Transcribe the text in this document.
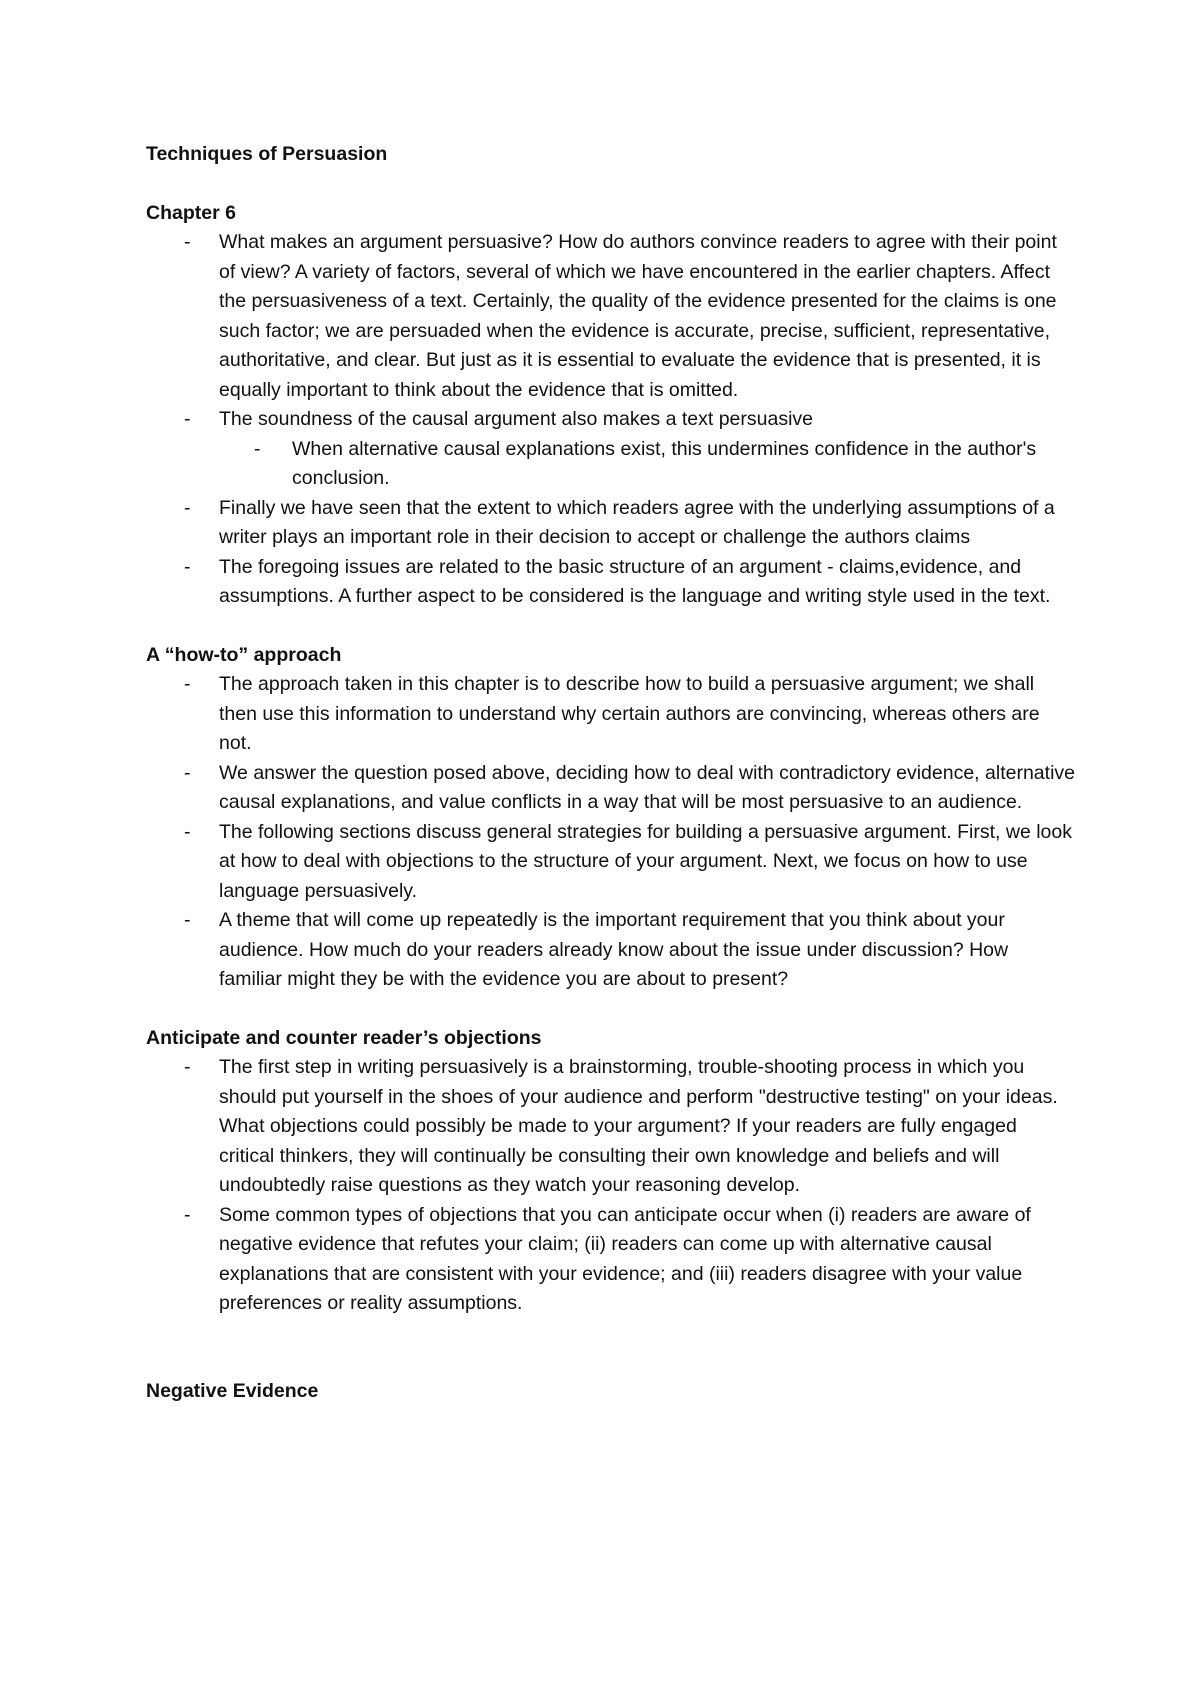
Techniques of Persuasion

Chapter 6

- What makes an argument persuasive? How do authors convince readers to agree with their point of view? A variety of factors, several of which we have encountered in the earlier chapters. Affect the persuasiveness of a text. Certainly, the quality of the evidence presented for the claims is one such factor; we are persuaded when the evidence is accurate, precise, sufficient, representative, authoritative, and clear. But just as it is essential to evaluate the evidence that is presented, it is equally important to think about the evidence that is omitted.

- The soundness of the causal argument also makes a text persuasive

- When alternative causal explanations exist, this undermines confidence in the author's conclusion.

- Finally we have seen that the extent to which readers agree with the underlying assumptions of a writer plays an important role in their decision to accept or challenge the authors claims

- The foregoing issues are related to the basic structure of an argument - claims,evidence, and assumptions. A further aspect to be considered is the language and writing style used in the text.

A “how-to” approach

- The approach taken in this chapter is to describe how to build a persuasive argument; we shall then use this information to understand why certain authors are convincing, whereas others are not.

- We answer the question posed above, deciding how to deal with contradictory evidence, alternative causal explanations, and value conflicts in a way that will be most persuasive to an audience.

- The following sections discuss general strategies for building a persuasive argument. First, we look at how to deal with objections to the structure of your argument. Next, we focus on how to use language persuasively.

- A theme that will come up repeatedly is the important requirement that you think about your audience. How much do your readers already know about the issue under discussion? How familiar might they be with the evidence you are about to present?

Anticipate and counter reader’s objections

- The first step in writing persuasively is a brainstorming, trouble-shooting process in which you should put yourself in the shoes of your audience and perform "destructive testing" on your ideas. What objections could possibly be made to your argument? If your readers are fully engaged critical thinkers, they will continually be consulting their own knowledge and beliefs and will undoubtedly raise questions as they watch your reasoning develop.

- Some common types of objections that you can anticipate occur when (i) readers are aware of negative evidence that refutes your claim; (ii) readers can come up with alternative causal explanations that are consistent with your evidence; and (iii) readers disagree with your value preferences or reality assumptions.

Negative Evidence
